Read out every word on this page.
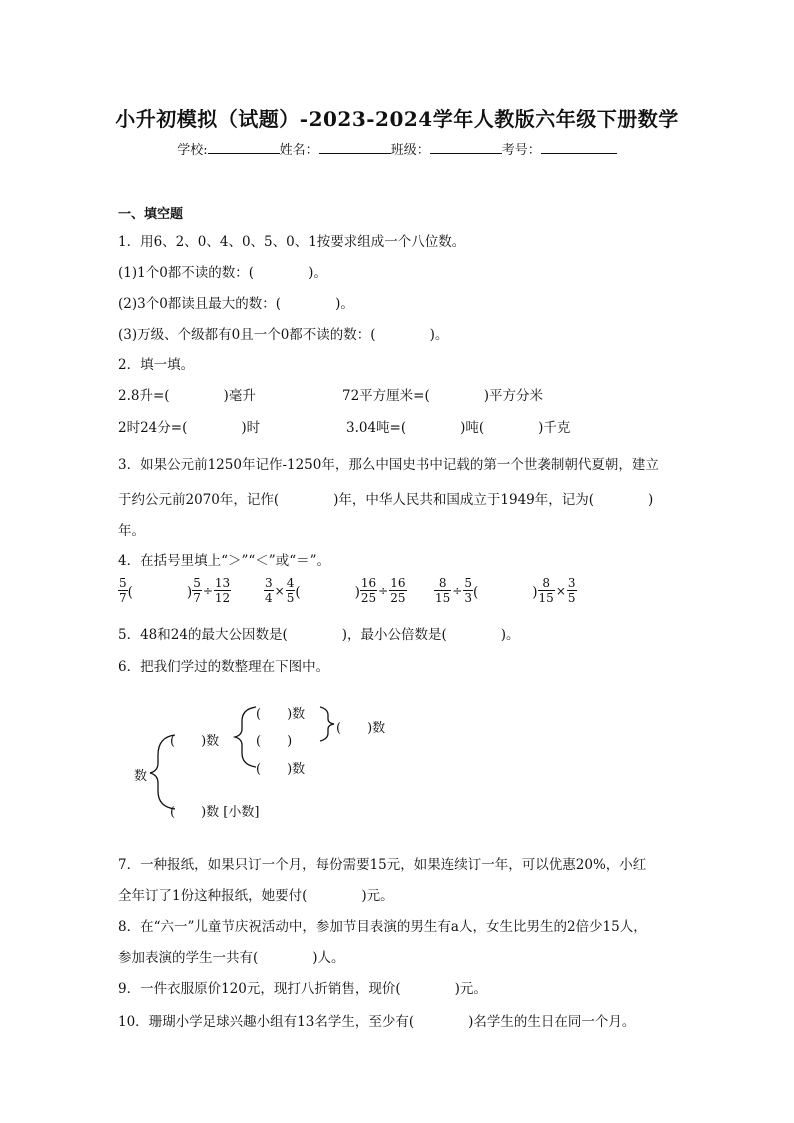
小升初模拟（试题）-2023-2024学年人教版六年级下册数学
学校:	姓名：	班级：	考号：
一、填空题
1．用6、2、0、4、0、5、0、1按要求组成一个八位数。
(1)1个0都不读的数：(　　　　)。
(2)3个0都读且最大的数：(　　　　)。
(3)万级、个级都有0且一个0都不读的数：(　　　　)。
2．填一填。
2.8升=(　　　　)毫升	72平方厘米=(　　　　)平方分米
2时24分=(　　　　)时	3.04吨=(　　　　)吨(　　　　)千克
3．如果公元前1250年记作-1250年，那么中国史书中记载的第一个世袭制朝代夏朝，建立
于约公元前2070年，记作(　　　　)年，中华人民共和国成立于1949年，记为(　　　　)
年。
4．在括号里填上“＞”“＜”或“＝”。
$\frac{5}{7}$ (　　　　) $\frac{5}{7} \div \frac{13}{12}$	$\frac{3}{4} \times \frac{4}{5}$ (　　　　) $\frac{16}{25} \div \frac{16}{25} \frac{8}{15} \div \frac{5}{3}$ (　　　　) $\frac{8}{15} \times \frac{3}{5}$
5．48和24的最大公因数是(　　　　)，最小公倍数是(　　　　)。
6．把我们学过的数整理在下图中。
数
(　　)数
(　　)数
(　　)
(　　)数
(　　)数
(　　)数 [小数]
7．一种报纸，如果只订一个月，每份需要15元，如果连续订一年，可以优惠20%，小红
全年订了1份这种报纸，她要付(　　　　)元。
8．在“六一”儿童节庆祝活动中，参加节目表演的男生有a人，女生比男生的2倍少15人，
参加表演的学生一共有(　　　　)人。
9．一件衣服原价120元，现打八折销售，现价(　　　　)元。
10．珊瑚小学足球兴趣小组有13名学生，至少有(　　　　)名学生的生日在同一个月。
